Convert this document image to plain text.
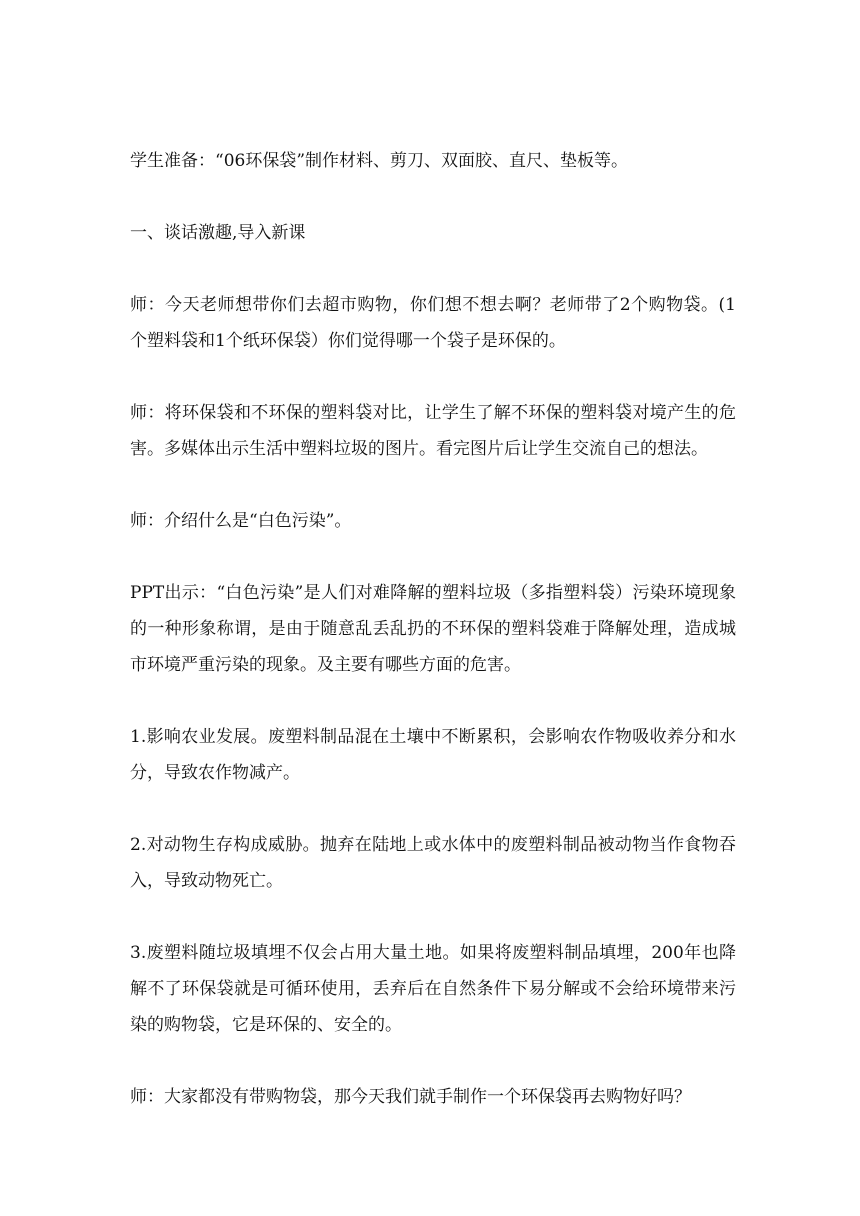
学生准备：“06环保袋”制作材料、剪刀、双面胶、直尺、垫板等。

一、谈话激趣,导入新课

师：今天老师想带你们去超市购物，你们想不想去啊？老师带了2个购物袋。(1个塑料袋和1个纸环保袋）你们觉得哪一个袋子是环保的。

师：将环保袋和不环保的塑料袋对比，让学生了解不环保的塑料袋对境产生的危害。多媒体出示生活中塑料垃圾的图片。看完图片后让学生交流自己的想法。

师：介绍什么是“白色污染”。

PPT出示：“白色污染”是人们对难降解的塑料垃圾（多指塑料袋）污染环境现象的一种形象称谓，是由于随意乱丢乱扔的不环保的塑料袋难于降解处理，造成城市环境严重污染的现象。及主要有哪些方面的危害。

1.影响农业发展。废塑料制品混在土壤中不断累积，会影响农作物吸收养分和水分，导致农作物减产。

2.对动物生存构成威胁。抛弃在陆地上或水体中的废塑料制品被动物当作食物吞入，导致动物死亡。

3.废塑料随垃圾填埋不仅会占用大量土地。如果将废塑料制品填埋，200年也降解不了环保袋就是可循环使用，丢弃后在自然条件下易分解或不会给环境带来污染的购物袋，它是环保的、安全的。

师：大家都没有带购物袋，那今天我们就手制作一个环保袋再去购物好吗？
